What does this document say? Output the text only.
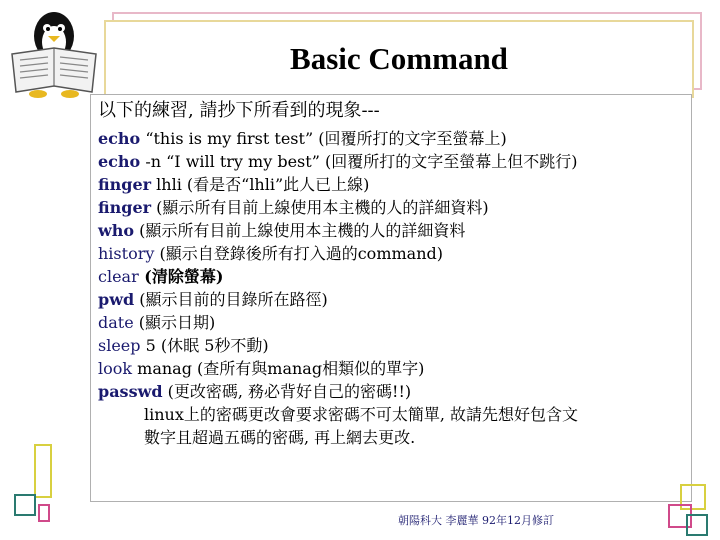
Basic Command
以下的練習, 請抄下所看到的現象---
echo “this is my first test” (回覆所打的文字至螢幕上)
echo -n “I will try my best” (回覆所打的文字至螢幕上但不跳行)
finger lhli (看是否“lhli”此人已上線)
finger (顯示所有目前上線使用本主機的人的詳細資料)
who (顯示所有目前上線使用本主機的人的詳細資料
history (顯示自登錄後所有打入過的command)
clear (清除螢幕)
pwd (顯示目前的目錄所在路徑)
date (顯示日期)
sleep 5 (休眠 5秒不動)
look manag (查所有與manag相類似的單字)
passwd (更改密碼, 務必背好自己的密碼!!)
linux上的密碼更改會要求密碼不可太簡單, 故請先想好包含文
數字且超過五碼的密碼, 再上網去更改.
朝陽科大 李麗華 92年12月修訂
